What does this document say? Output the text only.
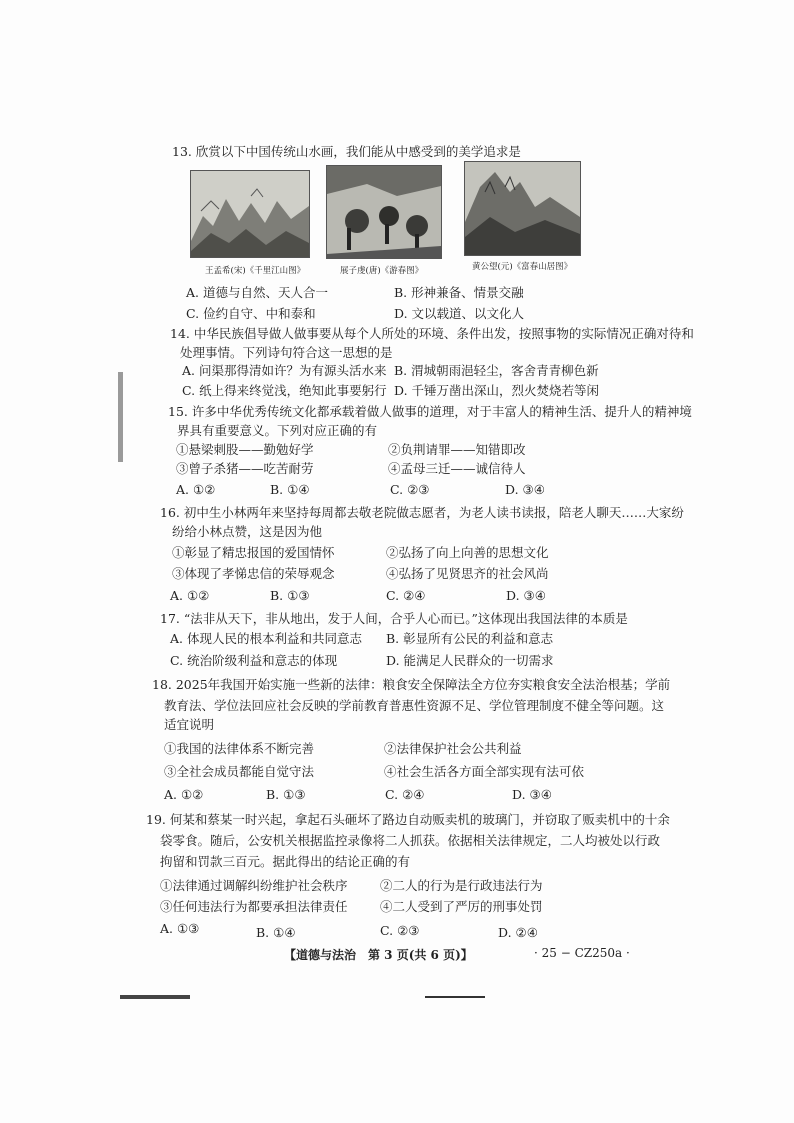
13. 欣赏以下中国传统山水画，我们能从中感受到的美学追求是
王孟希(宋)《千里江山图》	展子虔(唐)《游春图》	黄公望(元)《富春山居图》
A. 道德与自然、天人合一	B. 形神兼备、情景交融
C. 俭约自守、中和泰和	D. 文以载道、以文化人
14. 中华民族倡导做人做事要从每个人所处的环境、条件出发，按照事物的实际情况正确对待和
处理事情。下列诗句符合这一思想的是
A. 问渠那得清如许？为有源头活水来 B. 渭城朝雨浥轻尘，客舍青青柳色新
C. 纸上得来终觉浅，绝知此事要躬行 D. 千锤万凿出深山，烈火焚烧若等闲
15. 许多中华优秀传统文化都承载着做人做事的道理，对于丰富人的精神生活、提升人的精神境
界具有重要意义。下列对应正确的有
①悬梁刺股——勤勉好学	②负荆请罪——知错即改
③曾子杀猪——吃苦耐劳	④孟母三迁——诚信待人
A. ①②	B. ①④	C. ②③	D. ③④
16. 初中生小林两年来坚持每周都去敬老院做志愿者，为老人读书读报，陪老人聊天……大家纷
纷给小林点赞，这是因为他
①彰显了精忠报国的爱国情怀	②弘扬了向上向善的思想文化
③体现了孝悌忠信的荣辱观念	④弘扬了见贤思齐的社会风尚
A. ①②	B. ①③	C. ②④	D. ③④
17. “法非从天下，非从地出，发于人间，合乎人心而已。”这体现出我国法律的本质是
A. 体现人民的根本利益和共同意志 B. 彰显所有公民的利益和意志
C. 统治阶级利益和意志的体现	D. 能满足人民群众的一切需求
18. 2025年我国开始实施一些新的法律：粮食安全保障法全方位夯实粮食安全法治根基；学前
教育法、学位法回应社会反映的学前教育普惠性资源不足、学位管理制度不健全等问题。这
适宜说明
①我国的法律体系不断完善	②法律保护社会公共利益
③全社会成员都能自觉守法	④社会生活各方面全部实现有法可依
A. ①②	B. ①③	C. ②④	D. ③④
19. 何某和蔡某一时兴起，拿起石头砸坏了路边自动贩卖机的玻璃门，并窃取了贩卖机中的十余
袋零食。随后，公安机关根据监控录像将二人抓获。依据相关法律规定，二人均被处以行政
拘留和罚款三百元。据此得出的结论正确的有
①法律通过调解纠纷维护社会秩序	②二人的行为是行政违法行为
③任何违法行为都要承担法律责任	④二人受到了严厉的刑事处罚
A. ①③	B. ①④	C. ②③	D. ②④
【道德与法治　第 3 页(共 6 页)】	· 25 − CZ250a ·
